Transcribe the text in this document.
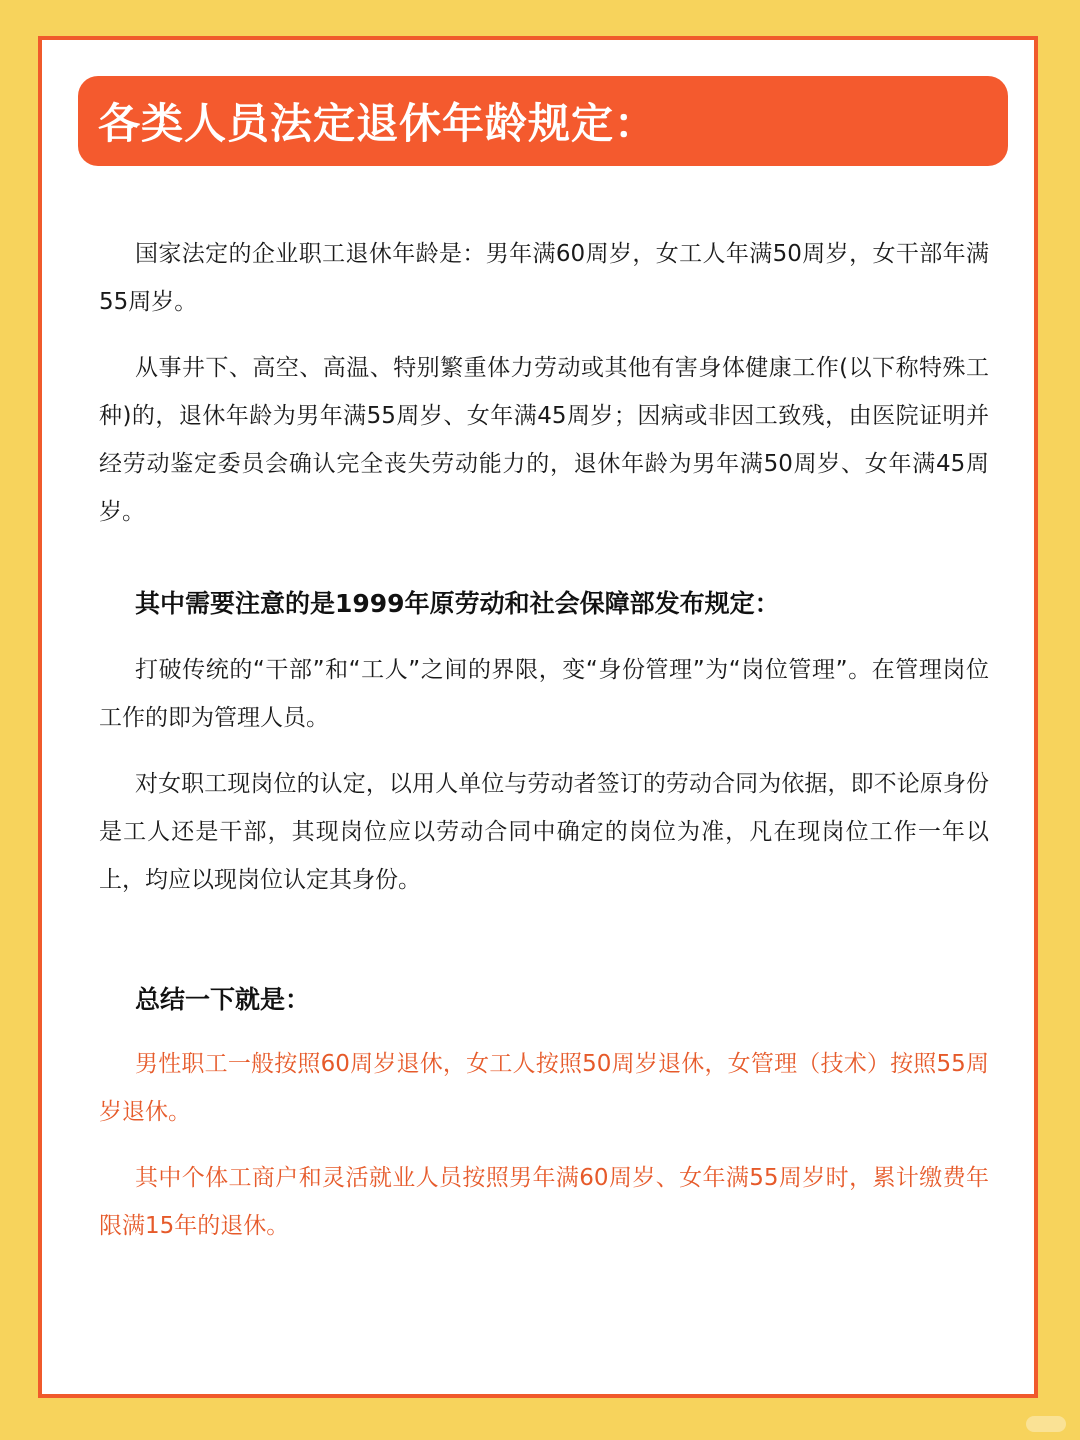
各类人员法定退休年龄规定：

国家法定的企业职工退休年龄是：男年满60周岁，女工人年满50周岁，女干部年满55周岁。

从事井下、高空、高温、特别繁重体力劳动或其他有害身体健康工作(以下称特殊工种)的，退休年龄为男年满55周岁、女年满45周岁；因病或非因工致残，由医院证明并经劳动鉴定委员会确认完全丧失劳动能力的，退休年龄为男年满50周岁、女年满45周岁。

其中需要注意的是1999年原劳动和社会保障部发布规定：

打破传统的“干部”和“工人”之间的界限，变“身份管理”为“岗位管理”。在管理岗位工作的即为管理人员。

对女职工现岗位的认定，以用人单位与劳动者签订的劳动合同为依据，即不论原身份是工人还是干部，其现岗位应以劳动合同中确定的岗位为准，凡在现岗位工作一年以上，均应以现岗位认定其身份。

总结一下就是：

男性职工一般按照60周岁退休，女工人按照50周岁退休，女管理（技术）按照55周岁退休。

其中个体工商户和灵活就业人员按照男年满60周岁、女年满55周岁时，累计缴费年限满15年的退休。
